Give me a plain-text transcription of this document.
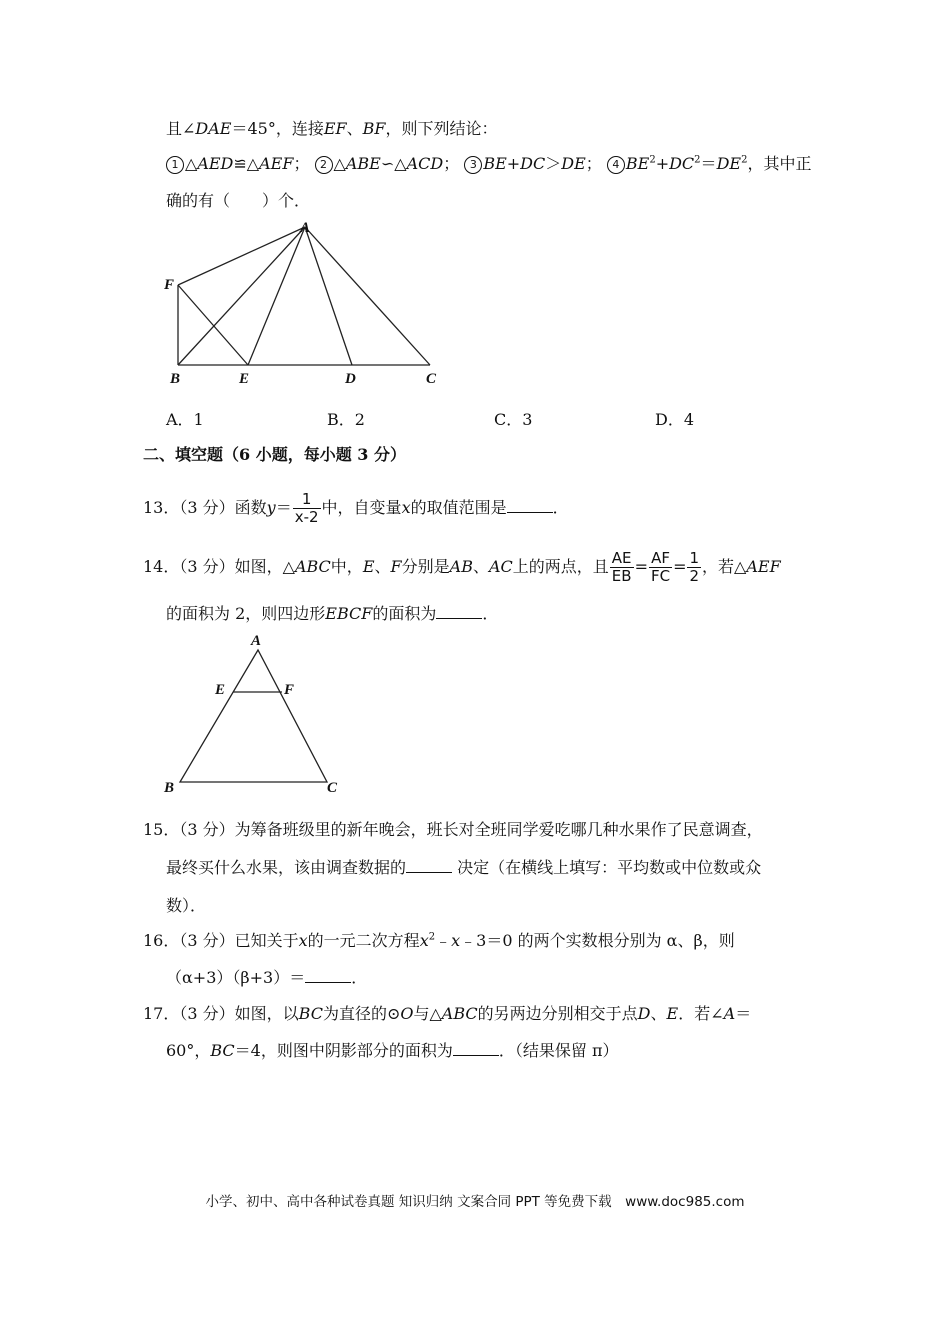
且∠DAE＝45°，连接EF、BF，则下列结论：
1 △AED≌△AEF； 2 △ABE∽△ACD； 3 BE+DC＞DE； 4 $BE^2+DC^2=DE^2$，其中正
确的有（　　）个．
A
F
B	E	D	C
A．1	B．2	C．3	D．4
二、填空题（6 小题，每小题 3 分）
13．（3 分）函数$y= \frac{1}{x-2}$ 中，自变量x的取值范围是	．
14．（3 分）如图，△ABC中，E、F分别是AB、AC上的两点，且 $\frac{AE}{EB} = \frac{AF}{FC} = \frac{1}{2}$ ，若△AEF
的面积为 2，则四边形EBCF的面积为	．
A
E	F
B	C
15．（3 分）为筹备班级里的新年晚会，班长对全班同学爱吃哪几种水果作了民意调查，
最终买什么水果，该由调查数据的	决定（在横线上填写：平均数或中位数或众
数）．
16．（3 分）已知关于x的一元二次方程$x^2﹣x﹣3=0$ 的两个实数根分别为 α、β，则
（α+3）（β+3）＝	．
17．（3 分）如图，以BC为直径的⊙O与△ABC的另两边分别相交于点D、E．若∠A＝
60°，BC＝4，则图中阴影部分的面积为	．（结果保留 π）
小学、初中、高中各种试卷真题 知识归纳 文案合同 PPT 等免费下载　www.doc985.com
